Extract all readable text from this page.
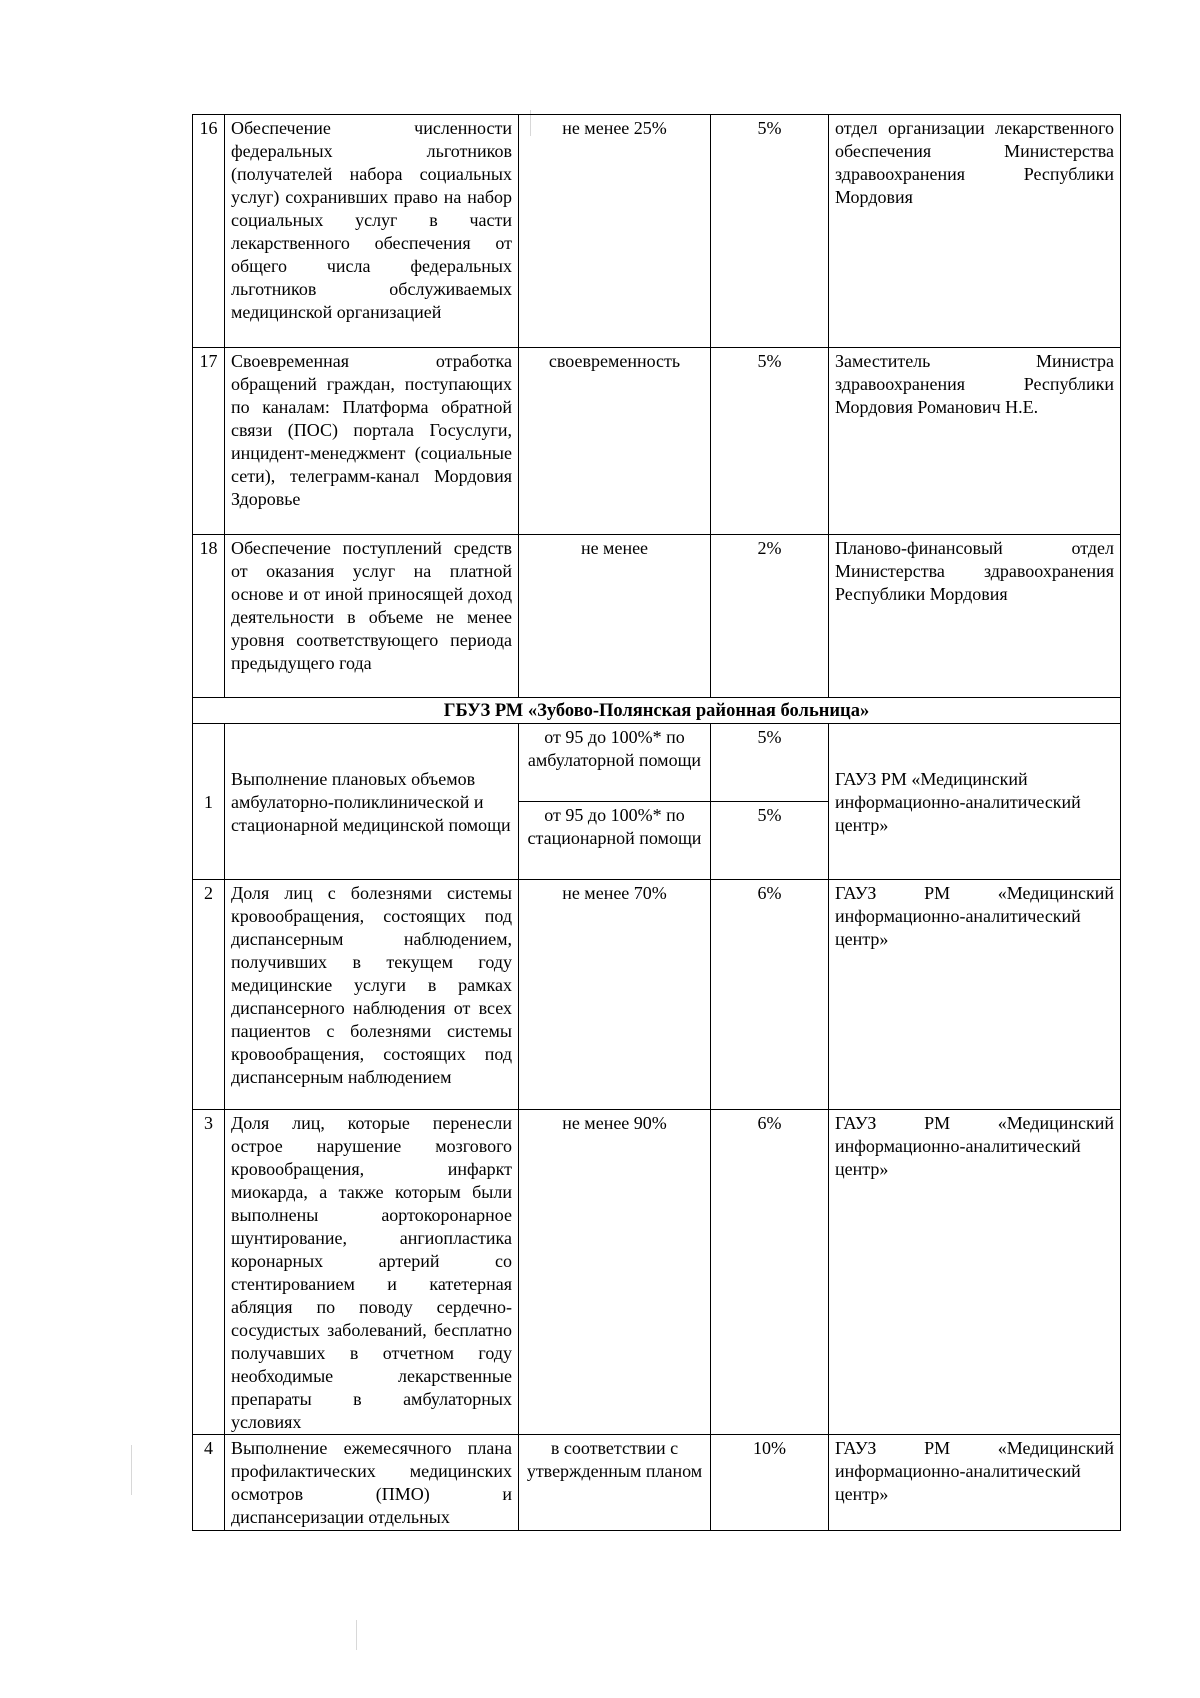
16	Обеспечение численности федеральных льготников (получателей набора социальных услуг) сохранивших право на набор социальных услуг в части лекарственного обеспечения от общего числа федеральных льготников обслуживаемых медицинской организацией	не менее 25%	5%	отдел организации лекарственного обеспечения Министерства здравоохранения Республики Мордовия
17	Своевременная отработка обращений граждан, поступающих по каналам: Платформа обратной связи (ПОС) портала Госуслуги, инцидент-менеджмент (социальные сети), телеграмм-канал Мордовия Здоровье	своевременность	5%	Заместитель Министра здравоохранения Республики Мордовия Романович Н.Е.
18	Обеспечение поступлений средств от оказания услуг на платной основе и от иной приносящей доход деятельности в объеме не менее уровня соответствующего периода предыдущего года	не менее	2%	Планово-финансовый отдел Министерства здравоохранения Республики Мордовия
ГБУЗ РМ «Зубово-Полянская районная больница»				
1	Выполнение плановых объемов амбулаторно-поликлинической и стационарной медицинской помощи	от 95 до 100%* по амбулаторной помощи	5%	ГАУЗ РМ «Медицинский информационно-аналитический центр»
		от 95 до 100%* по стационарной помощи	5%	
2	Доля лиц с болезнями системы кровообращения, состоящих под диспансерным наблюдением, получивших в текущем году медицинские услуги в рамках диспансерного наблюдения от всех пациентов с болезнями системы кровообращения, состоящих под диспансерным наблюдением	не менее 70%	6%	ГАУЗ РМ «Медицинский информационно-аналитический центр»
3	Доля лиц, которые перенесли острое нарушение мозгового кровообращения, инфаркт миокарда, а также которым были выполнены аортокоронарное шунтирование, ангиопластика коронарных артерий со стентированием и катетерная абляция по поводу сердечно-сосудистых заболеваний, бесплатно получавших в отчетном году необходимые лекарственные препараты в амбулаторных условиях	не менее 90%	6%	ГАУЗ РМ «Медицинский информационно-аналитический центр»
4	Выполнение ежемесячного плана профилактических медицинских осмотров (ПМО) и диспансеризации отдельных	в соответствии с утвержденным планом	10%	ГАУЗ РМ «Медицинский информационно-аналитический центр»
